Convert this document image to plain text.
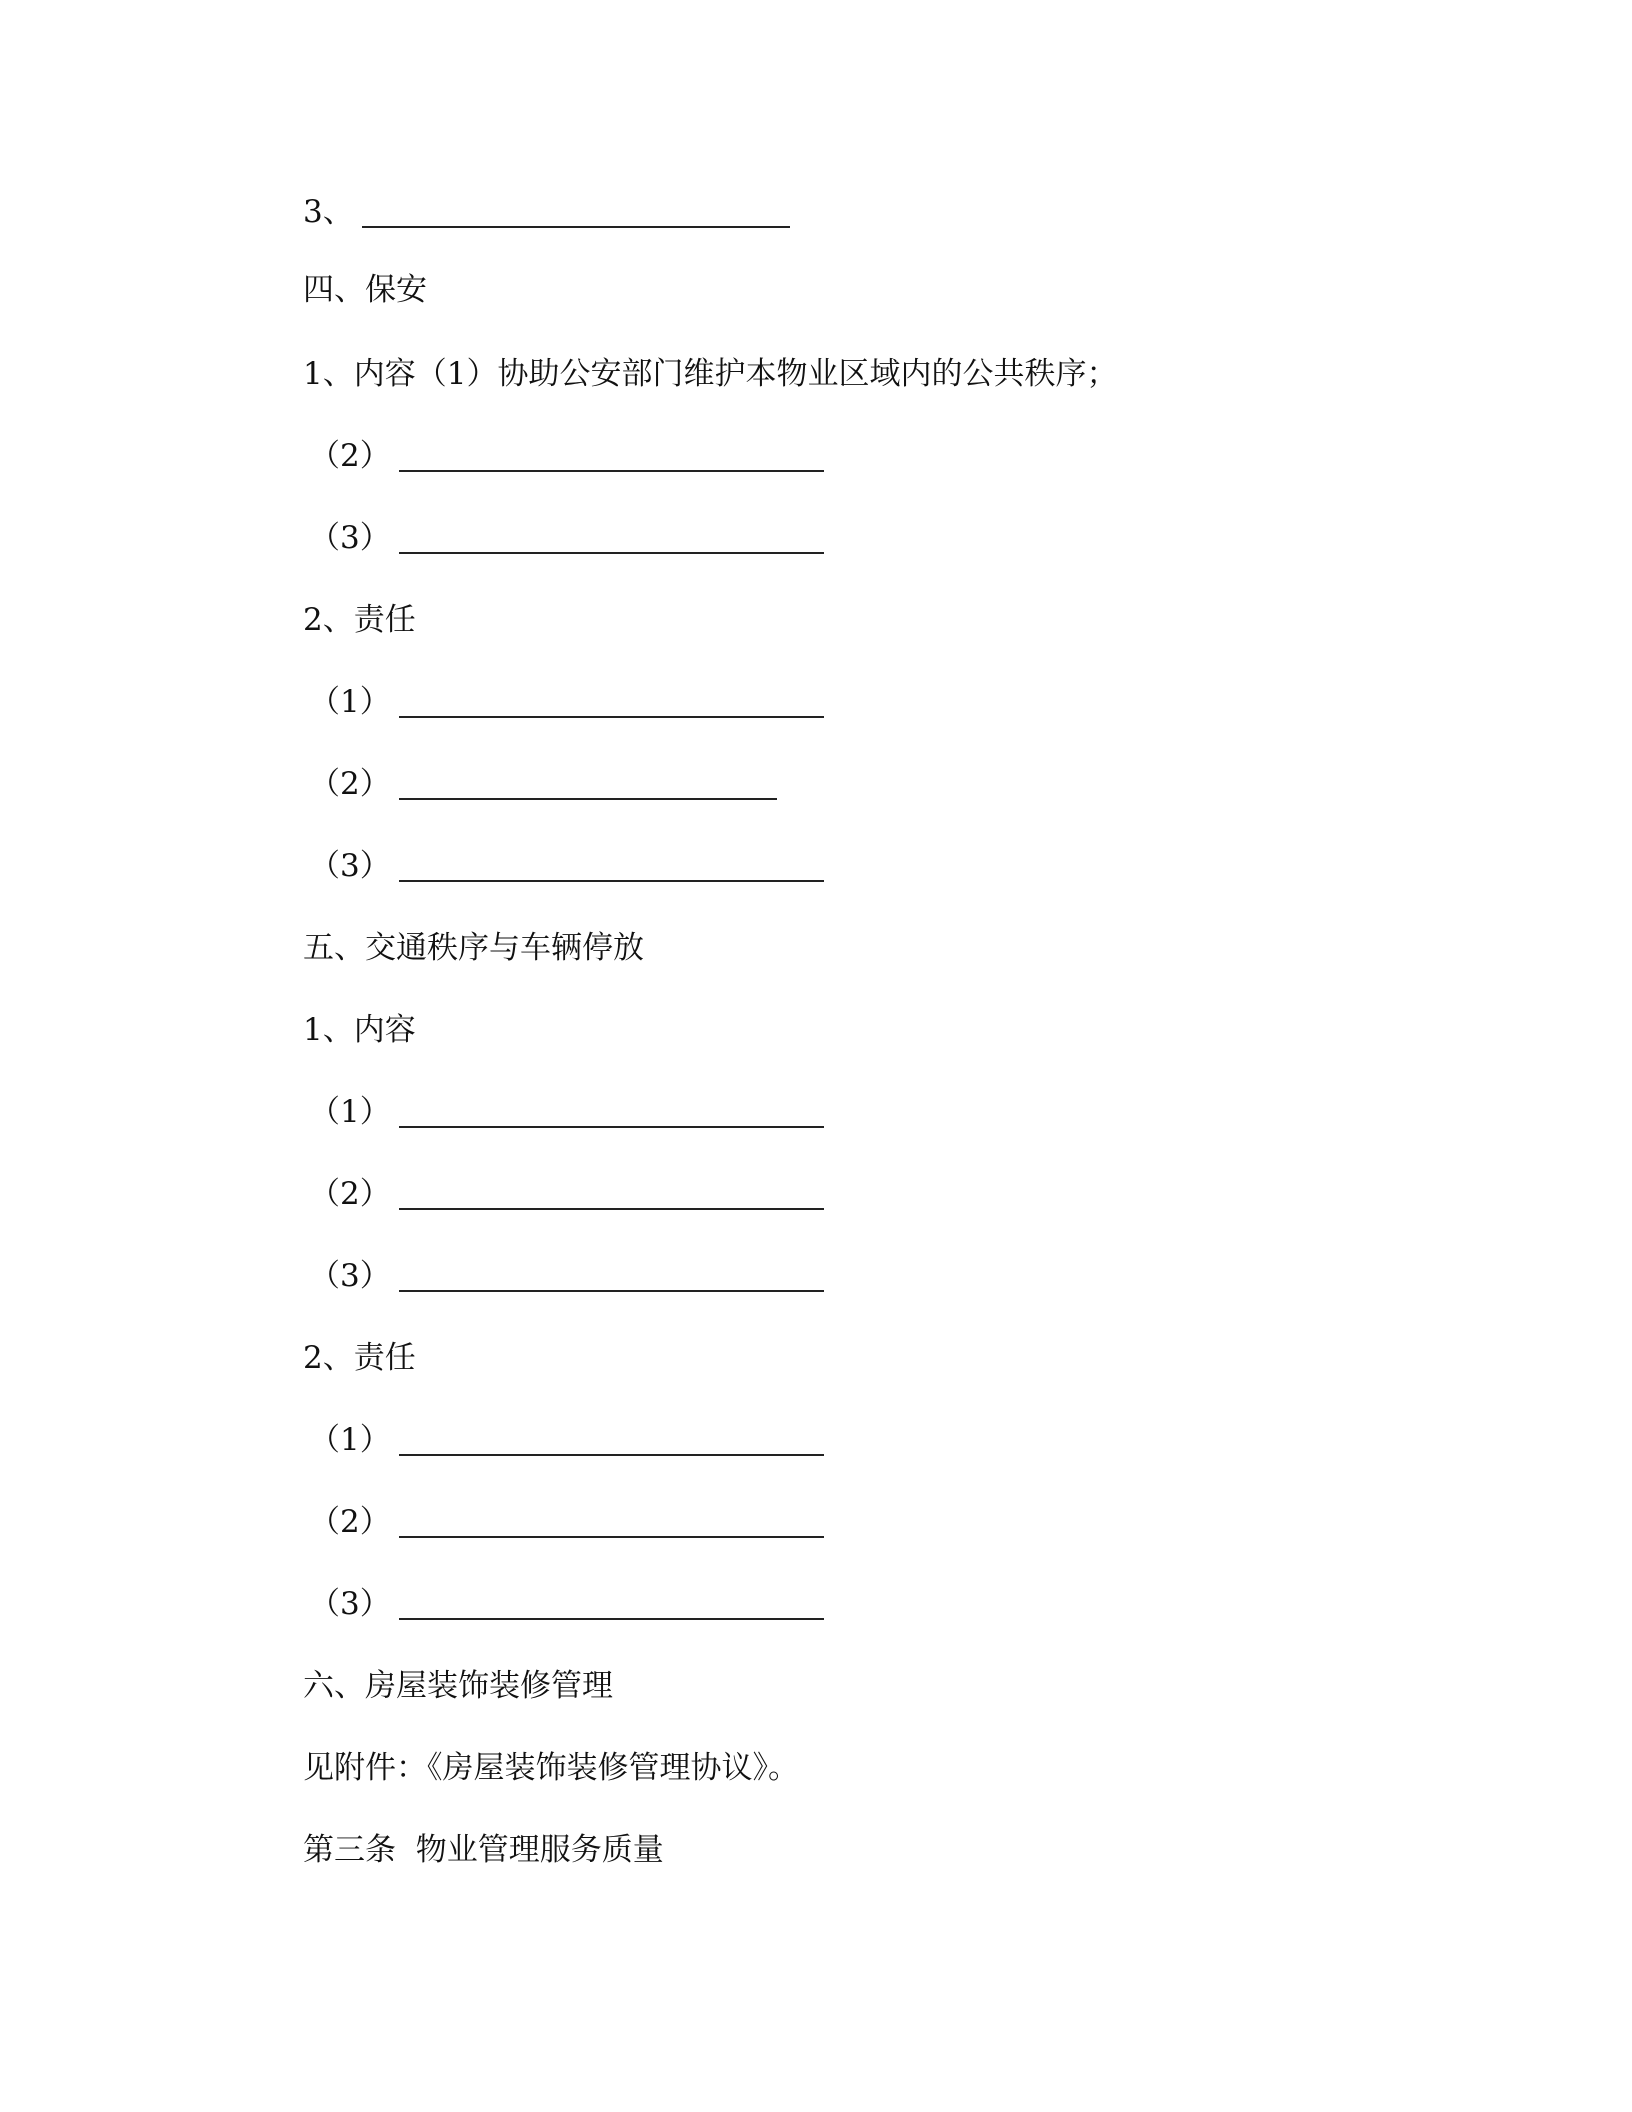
3、
四、保安
1、内容（1）协助公安部门维护本物业区域内的公共秩序；
（2）
（3）
2、责任
（1）
（2）
（3）
五、交通秩序与车辆停放
1、内容
（1）
（2）
（3）
2、责任
（1）
（2）
（3）
六、房屋装饰装修管理
见附件：《房屋装饰装修管理协议》。
第三条  物业管理服务质量
